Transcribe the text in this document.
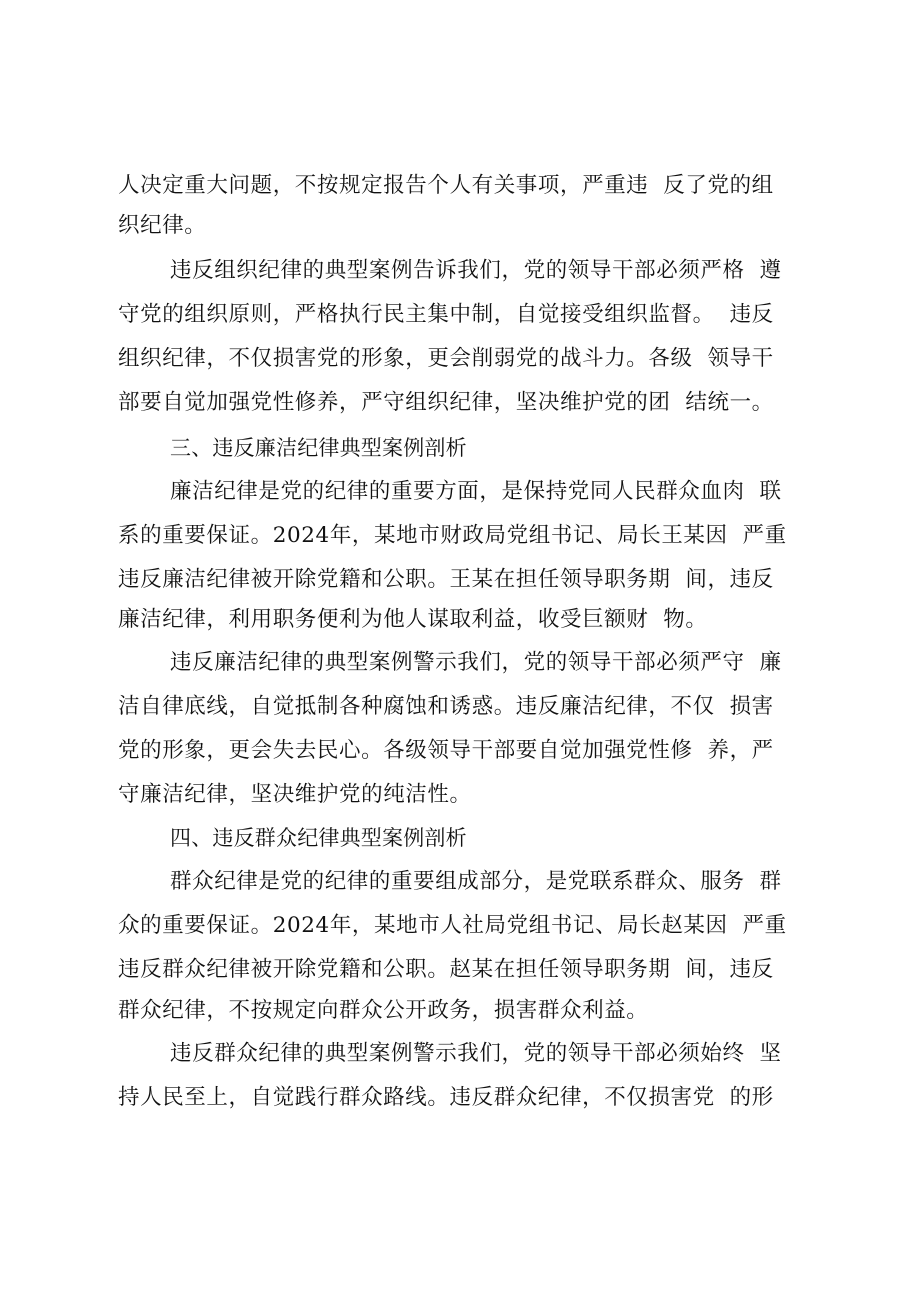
人决定重大问题，不按规定报告个人有关事项，严重违  反了党的组
织纪律。
违反组织纪律的典型案例告诉我们，党的领导干部必须严格  遵
守党的组织原则，严格执行民主集中制，自觉接受组织监督。  违反
组织纪律，不仅损害党的形象，更会削弱党的战斗力。各级  领导干
部要自觉加强党性修养，严守组织纪律，坚决维护党的团  结统一。
三、违反廉洁纪律典型案例剖析
廉洁纪律是党的纪律的重要方面，是保持党同人民群众血肉  联
系的重要保证。2024年，某地市财政局党组书记、局长王某因  严重
违反廉洁纪律被开除党籍和公职。王某在担任领导职务期  间，违反
廉洁纪律，利用职务便利为他人谋取利益，收受巨额财  物。
违反廉洁纪律的典型案例警示我们，党的领导干部必须严守  廉
洁自律底线，自觉抵制各种腐蚀和诱惑。违反廉洁纪律，不仅  损害
党的形象，更会失去民心。各级领导干部要自觉加强党性修  养，严
守廉洁纪律，坚决维护党的纯洁性。
四、违反群众纪律典型案例剖析
群众纪律是党的纪律的重要组成部分，是党联系群众、服务  群
众的重要保证。2024年，某地市人社局党组书记、局长赵某因  严重
违反群众纪律被开除党籍和公职。赵某在担任领导职务期  间，违反
群众纪律，不按规定向群众公开政务，损害群众利益。
违反群众纪律的典型案例警示我们，党的领导干部必须始终  坚
持人民至上，自觉践行群众路线。违反群众纪律，不仅损害党  的形
